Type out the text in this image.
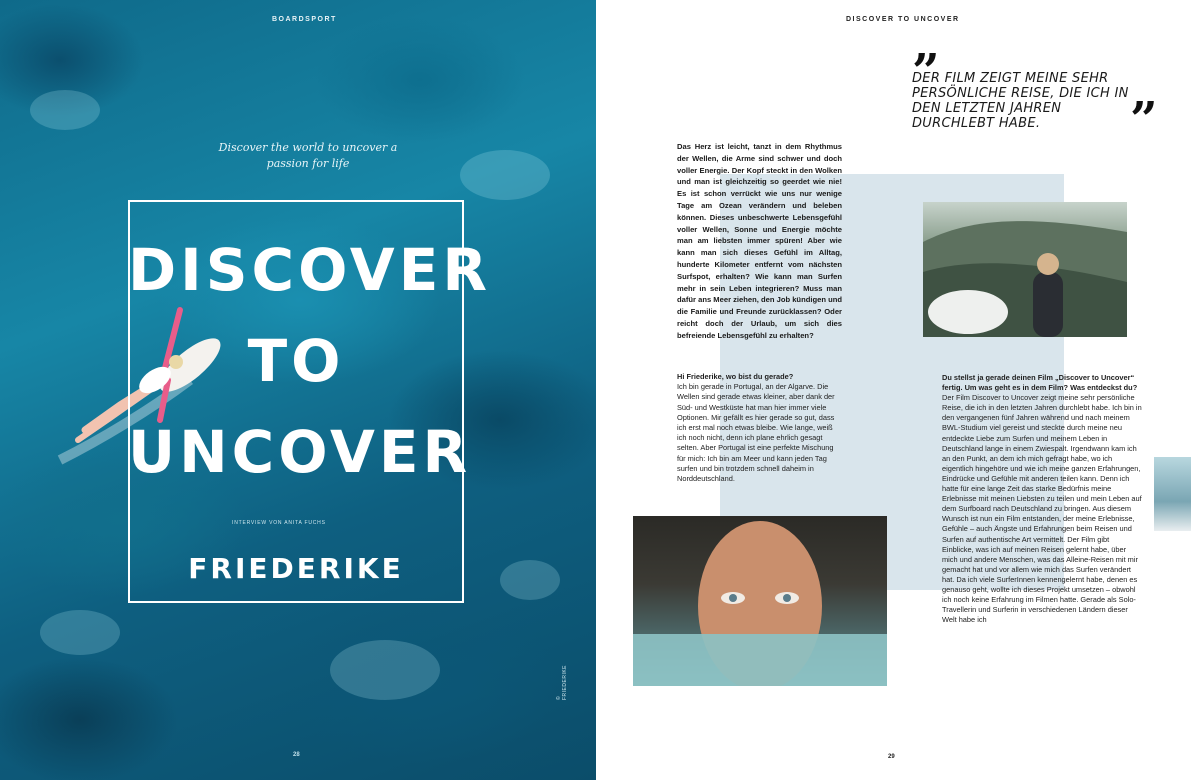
BOARDSPORT
Discover the world to uncover a passion for life
DISCOVER
TO
UNCOVER
INTERVIEW VON ANITA FUCHS
FRIEDERIKE
© FRIEDERIKE
28
DISCOVER TO UNCOVER
”
DER FILM ZEIGT MEINE SEHR PERSÖNLICHE REISE, DIE ICH IN DEN LETZTEN JAHREN DURCHLEBT HABE.	”
Das Herz ist leicht, tanzt in dem Rhythmus der Wellen, die Arme sind schwer und doch voller Energie. Der Kopf steckt in den Wolken und man ist gleichzeitig so geerdet wie nie! Es ist schon verrückt wie uns nur wenige Tage am Ozean verändern und beleben können. Dieses unbeschwerte Lebensgefühl voller Wellen, Sonne und Energie möchte man am liebsten immer spüren! Aber wie kann man sich dieses Gefühl im Alltag, hunderte Kilometer entfernt vom nächsten Surfspot, erhalten? Wie kann man Surfen mehr in sein Leben integrieren? Muss man dafür ans Meer ziehen, den Job kündigen und die Familie und Freunde zurücklassen? Oder reicht doch der Urlaub, um sich dies befreiende Lebensgefühl zu erhalten?
Hi Friederike, wo bist du gerade?
Ich bin gerade in Portugal, an der Algarve. Die Wellen sind gerade etwas kleiner, aber dank der Süd- und Westküste hat man hier immer viele Optionen. Mir gefällt es hier gerade so gut, dass ich erst mal noch etwas bleibe. Wie lange, weiß ich noch nicht, denn ich plane ehrlich gesagt selten. Aber Portugal ist eine perfekte Mischung für mich: Ich bin am Meer und kann jeden Tag surfen und bin trotzdem schnell daheim in Norddeutschland.
Du stellst ja gerade deinen Film „Discover to Uncover“ fertig. Um was geht es in dem Film? Was entdeckst du?
Der Film Discover to Uncover zeigt meine sehr persönliche Reise, die ich in den letzten Jahren durchlebt habe. Ich bin in den vergangenen fünf Jahren während und nach meinem BWL-Studium viel gereist und steckte durch meine neu entdeckte Liebe zum Surfen und meinem Leben in Deutschland lange in einem Zwiespalt. Irgendwann kam ich an den Punkt, an dem ich mich gefragt habe, wo ich eigentlich hingehöre und wie ich meine ganzen Erfahrungen, Eindrücke und Gefühle mit anderen teilen kann. Denn ich hatte für eine lange Zeit das starke Bedürfnis meine Erlebnisse mit meinen Liebsten zu teilen und mein Leben auf dem Surfboard nach Deutschland zu bringen. Aus diesem Wunsch ist nun ein Film entstanden, der meine Erlebnisse, Gefühle – auch Ängste und Erfahrungen beim Reisen und Surfen auf authentische Art vermittelt. Der Film gibt Einblicke, was ich auf meinen Reisen gelernt habe, über mich und andere Menschen, was das Alleine-Reisen mit mir gemacht hat und vor allem wie mich das Surfen verändert hat. Da ich viele SurferInnen kennengelernt habe, denen es genauso geht, wollte ich dieses Projekt umsetzen – obwohl ich noch keine Erfahrung im Filmen hatte. Gerade als Solo-Travellerin und Surferin in verschiedenen Ländern dieser Welt habe ich
29
